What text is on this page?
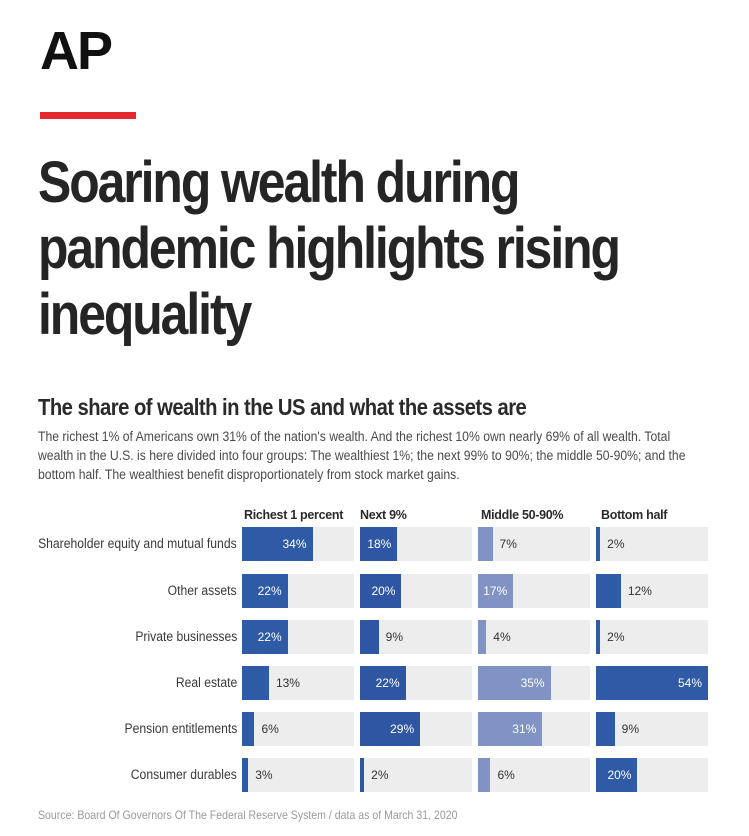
AP
Soaring wealth during pandemic highlights rising inequality
The share of wealth in the US and what the assets are

The richest 1% of Americans own 31% of the nation's wealth. And the richest 10% own nearly 69% of all wealth. Total wealth in the U.S. is here divided into four groups: The wealthiest 1%; the next 99% to 90%; the middle 50-90%; and the bottom half. The wealthiest benefit disproportionately from stock market gains.

Richest 1 percent Next 9%	Middle 50-90%	Bottom half
Shareholder equity and mutual funds	34%	18%	7%	2%
Other assets 22%	20%	17%	12%
Private businesses 22%	9%	4%	2%
Real estate	13%	22%	35%	54%
Pension entitlements 6%	29%	31%	9%
Consumer durables 3%	2%	6%	20%
Source: Board Of Governors Of The Federal Reserve System / data as of March 31, 2020
